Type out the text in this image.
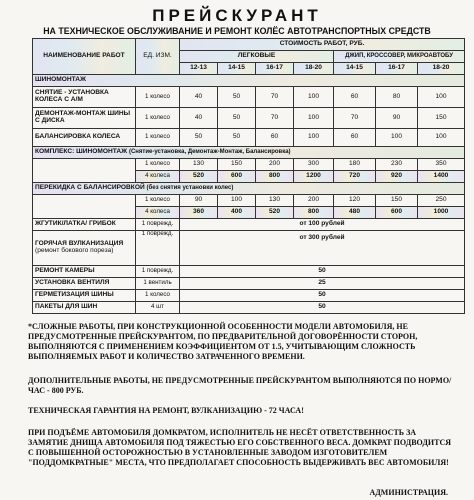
ПРЕЙСКУРАНТ
НА ТЕХНИЧЕСКОЕ ОБСЛУЖИВАНИЕ И РЕМОНТ КОЛЁС АВТОТРАНСПОРТНЫХ СРЕДСТВ
НАИМЕНОВАНИЕ РАБОТ	ЕД. ИЗМ.	СТОИМОСТЬ РАБОТ, РУБ.						
		ЛЕГКОВЫЕ				ДЖИП, КРОССОВЕР, МИКРОАВТОБУ		
		12-13	14-15	16-17	18-20	14-15	16-17	18-20
ШИНОМОНТАЖ								
СНЯТИЕ - УСТАНОВКА КОЛЕСА С А/М	1 колесо	40	50	70	100	60	80	100
ДЕМОНТАЖ-МОНТАЖ ШИНЫ С ДИСКА	1 колесо	40	50	70	100	70	90	150
БАЛАНСИРОВКА КОЛЕСА	1 колесо	50	50	60	100	60	100	100
КОМПЛЕКС: ШИНОМОНТАЖ (Снятие-установка, Демонтаж-Монтаж, Балансировка)								
	1 колесо	130	150	200	300	180	230	350
	4 колеса	520	600	800	1200	720	920	1400
ПЕРЕКИДКА С БАЛАНСИРОВКОЙ (без снятия установки колес)								
	1 колесо	90	100	130	200	120	150	250
	4 колеса	360	400	520	800	480	600	1000
ЖГУТИК/ЛАТКА/ ГРИБОК	1 поврежд.	от 100 рублей						
ГОРЯЧАЯ ВУЛКАНИЗАЦИЯ (ремонт бокового пореза)	1 поврежд.	от 300 рублей						
РЕМОНТ КАМЕРЫ	1 поврежд.	50						
УСТАНОВКА ВЕНТИЛЯ	1 вентиль	25						
ГЕРМЕТИЗАЦИЯ ШИНЫ	1 колесо	50						
ПАКЕТЫ ДЛЯ ШИН	4 шт	50						

*СЛОЖНЫЕ РАБОТЫ, ПРИ КОНСТРУКЦИОННОЙ ОСОБЕННОСТИ МОДЕЛИ АВТОМОБИЛЯ, НЕ ПРЕДУСМОТРЕННЫЕ ПРЕЙСКУРАНТОМ, ПО ПРЕДВАРИТЕЛЬНОЙ ДОГОВОРЁННОСТИ СТОРОН, ВЫПОЛНЯЮТСЯ С ПРИМЕНЕНИЕМ КОЭФФИЦИЕНТОМ ОТ 1.5, УЧИТЫВАЮЩИМ СЛОЖНОСТЬ ВЫПОЛНЯЕМЫХ РАБОТ И КОЛИЧЕСТВО ЗАТРАЧЕННОГО ВРЕМЕНИ.

ДОПОЛНИТЕЛЬНЫЕ РАБОТЫ, НЕ ПРЕДУСМОТРЕННЫЕ ПРЕЙСКУРАНТОМ ВЫПОЛНЯЮТСЯ ПО НОРМО/ЧАС - 800 РУБ.

ТЕХНИЧЕСКАЯ ГАРАНТИЯ НА РЕМОНТ, ВУЛКАНИЗАЦИЮ - 72 ЧАСА!

ПРИ ПОДЪЁМЕ АВТОМОБИЛЯ ДОМКРАТОМ, ИСПОЛНИТЕЛЬ НЕ НЕСЁТ ОТВЕТСТВЕННОСТЬ ЗА ЗАМЯТИЕ ДНИЩА АВТОМОБИЛЯ ПОД ТЯЖЕСТЬЮ ЕГО СОБСТВЕННОГО ВЕСА. ДОМКРАТ ПОДВОДИТСЯ С ПОВЫШЕННОЙ ОСТОРОЖНОСТЬЮ В УСТАНОВЛЕННЫЕ ЗАВОДОМ ИЗГОТОВИТЕЛЕМ "ПОДДОМКРАТНЫЕ" МЕСТА, ЧТО ПРЕДПОЛАГАЕТ СПОСОБНОСТЬ ВЫДЕРЖИВАТЬ ВЕС АВТОМОБИЛЯ!

АДМИНИСТРАЦИЯ.
